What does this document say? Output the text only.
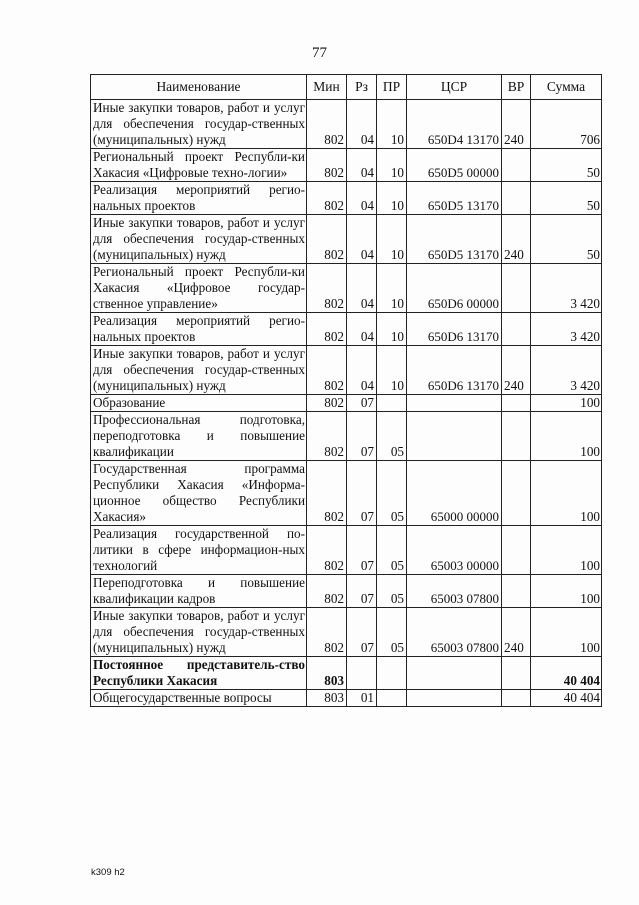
77
Наименование	Мин	Рз	ПР	ЦСР	ВР	Сумма
Иные закупки товаров, работ и услуг для обеспечения государ-ственных (муниципальных) нужд	802	04	10	650D4 13170	240	706
Региональный проект Республи-ки Хакасия «Цифровые техно-логии»	802	04	10	650D5 00000		50
Реализация мероприятий регио-нальных проектов	802	04	10	650D5 13170		50
Иные закупки товаров, работ и услуг для обеспечения государ-ственных (муниципальных) нужд	802	04	10	650D5 13170	240	50
Региональный проект Республи-ки Хакасия «Цифровое государ-ственное управление»	802	04	10	650D6 00000		3 420
Реализация мероприятий регио-нальных проектов	802	04	10	650D6 13170		3 420
Иные закупки товаров, работ и услуг для обеспечения государ-ственных (муниципальных) нужд	802	04	10	650D6 13170	240	3 420
Образование	802	07				100
Профессиональная подготовка, переподготовка и повышение квалификации	802	07	05			100
Государственная программа Республики Хакасия «Информа-ционное общество Республики Хакасия»	802	07	05	65000 00000		100
Реализация государственной по-литики в сфере информацион-ных технологий	802	07	05	65003 00000		100
Переподготовка и повышение квалификации кадров	802	07	05	65003 07800		100
Иные закупки товаров, работ и услуг для обеспечения государ-ственных (муниципальных) нужд	802	07	05	65003 07800	240	100
Постоянное представитель-ство Республики Хакасия	803					40 404
Общегосударственные вопросы	803	01				40 404
k309 h2
